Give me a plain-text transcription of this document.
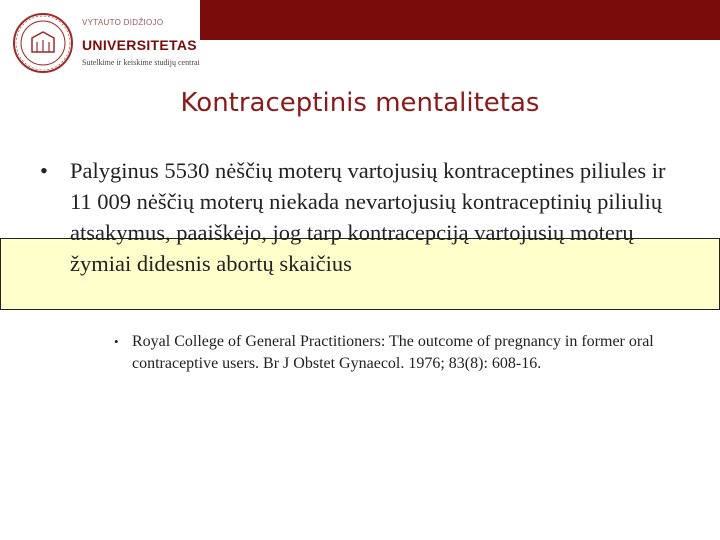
VYTAUTO DIDŽIOJO
UNIVERSITETAS
Sutelkime ir keiskime studijų centrai
Kontraceptinis mentalitetas
• Palyginus 5530 nėščių moterų vartojusių kontraceptines piliules ir 11 009 nėščių moterų niekada nevartojusių kontraceptinių piliulių atsakymus, paaiškėjo, jog tarp kontracepciją vartojusių moterų žymiai didesnis abortų skaičius
• Royal College of General Practitioners: The outcome of pregnancy in former oral contraceptive users. Br J Obstet Gynaecol. 1976; 83(8): 608-16.
